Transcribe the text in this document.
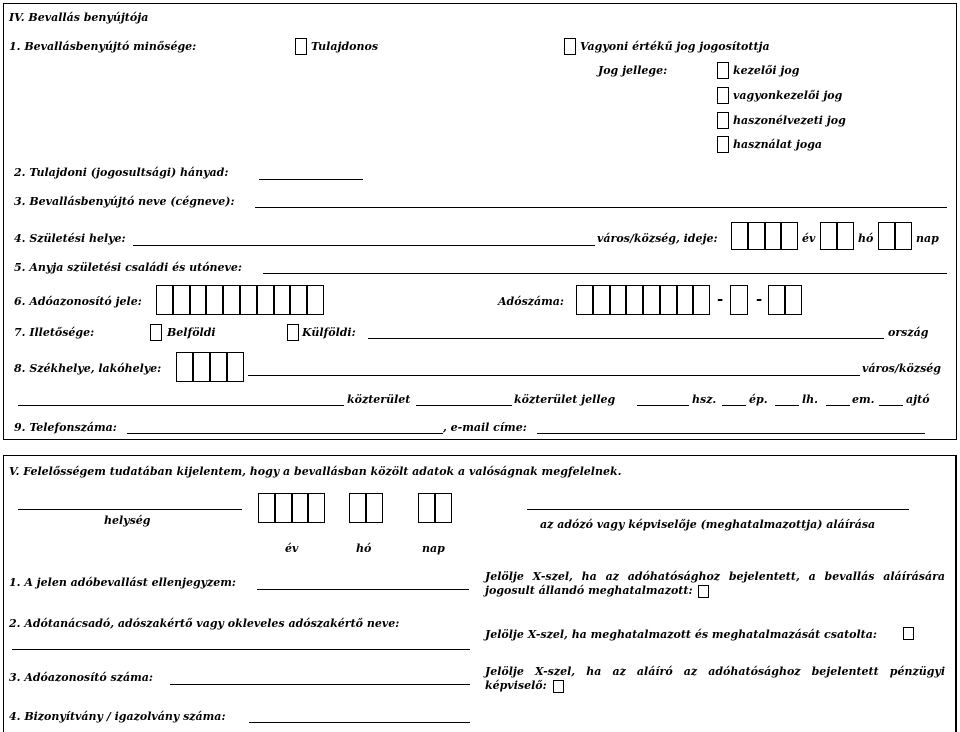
IV. Bevallás benyújtója
1. Bevallásbenyújtó minősége:	Tulajdonos	Vagyoni értékű jog jogosítottja
Jog jellege:	kezelői jog
vagyonkezelői jog
haszonélvezeti jog
használat joga
2. Tulajdoni (jogosultsági) hányad:
3. Bevallásbenyújtó neve (cégneve):
4. Születési helye:	város/község, ideje:	év	hó	nap
5. Anyja születési családi és utóneve:
6. Adóazonosító jele:	Adószáma:	- -
7. Illetősége:	Belföldi	Külföldi:	ország
8. Székhelye, lakóhelye:	város/község
közterület	közterület jelleg	hsz.	ép.	lh.	em.	ajtó
9. Telefonszáma:	, e-mail címe:
V. Felelősségem tudatában kijelentem, hogy a bevallásban közölt adatok a valóságnak megfelelnek.
helység
év	hó	nap
az adózó vagy képviselője (meghatalmazottja) aláírása
1. A jelen adóbevallást ellenjegyzem:
2. Adótanácsadó, adószakértő vagy okleveles adószakértő neve:
3. Adóazonosító száma:
4. Bizonyítvány / igazolvány száma:
Jelölje X-szel, ha az adóhatósághoz bejelentett, a bevallás aláírására jogosult állandó meghatalmazott:
Jelölje X-szel, ha meghatalmazott és meghatalmazását csatolta:
Jelölje X-szel, ha az aláíró az adóhatósághoz bejelentett pénzügyi képviselő:
